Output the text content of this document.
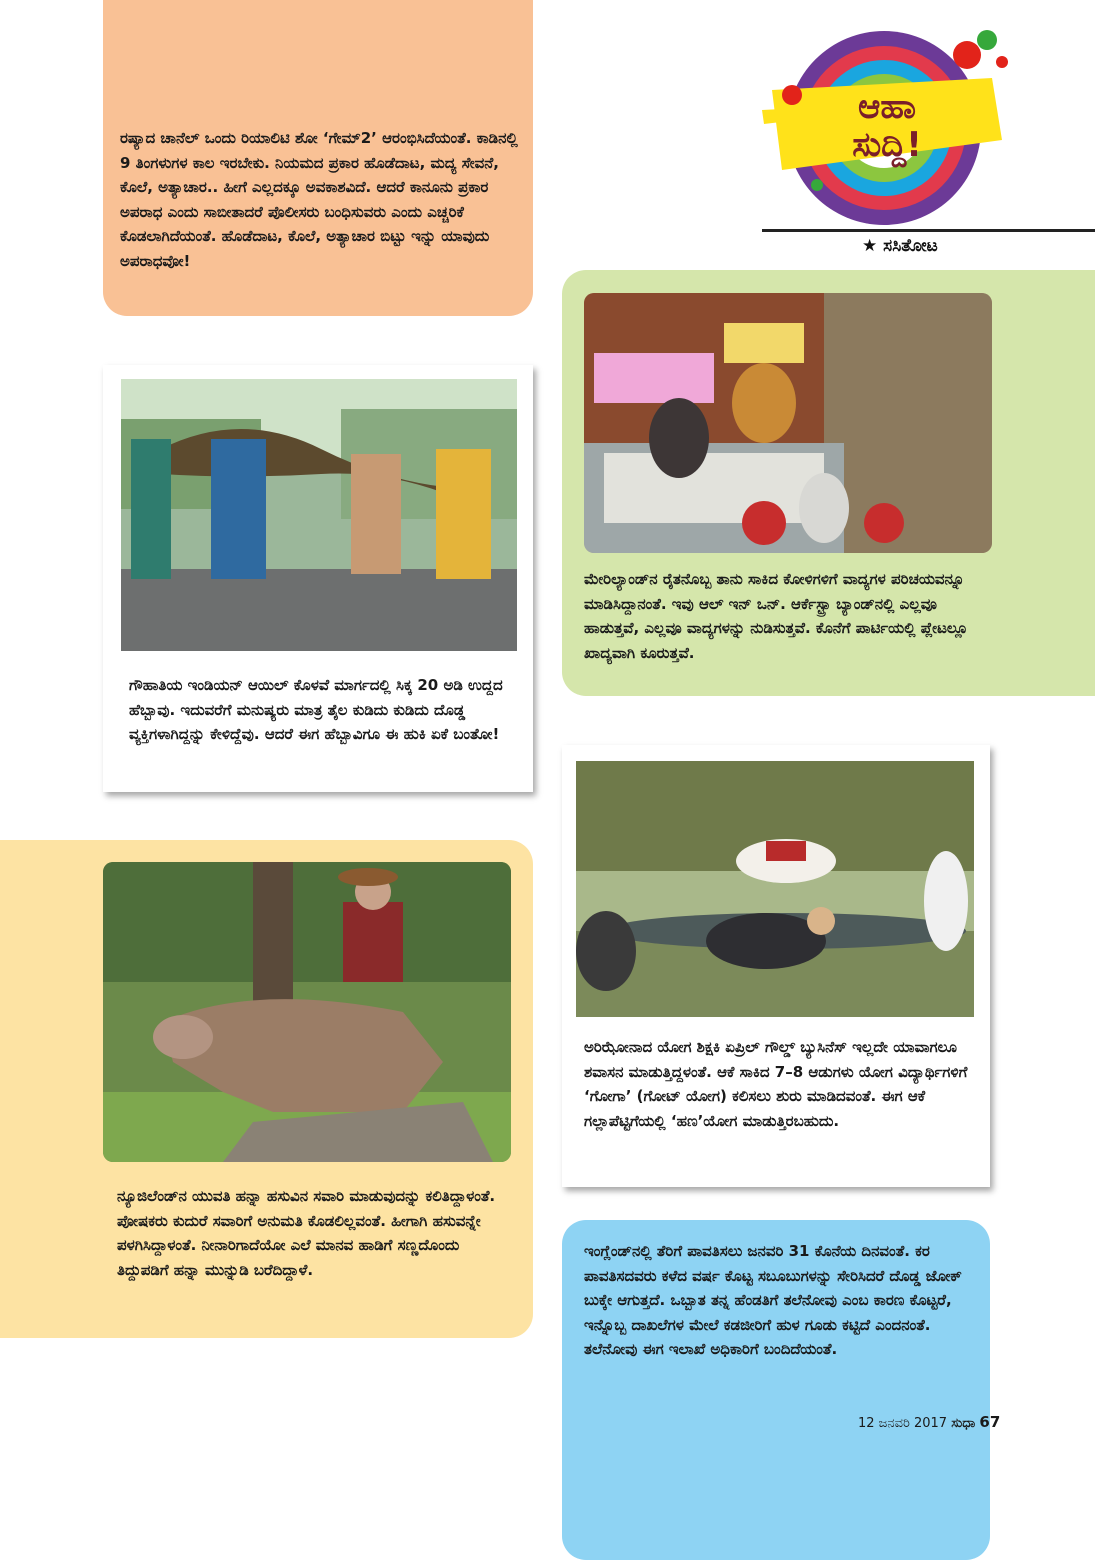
ಆಹಾ
ಸುದ್ದಿ!
★ ಸಸಿತೋಟ

ರಷ್ಯಾದ ಚಾನೆಲ್ ಒಂದು ರಿಯಾಲಿಟಿ ಶೋ ‘ಗೇಮ್2’ ಆರಂಭಿಸಿದೆಯಂತೆ. ಕಾಡಿನಲ್ಲಿ 9 ತಿಂಗಳುಗಳ ಕಾಲ ಇರಬೇಕು. ನಿಯಮದ ಪ್ರಕಾರ ಹೊಡೆದಾಟ, ಮದ್ಯ ಸೇವನೆ, ಕೊಲೆ, ಅತ್ಯಾಚಾರ.. ಹೀಗೆ ಎಲ್ಲದಕ್ಕೂ ಅವಕಾಶವಿದೆ. ಆದರೆ ಕಾನೂನು ಪ್ರಕಾರ ಅಪರಾಧ ಎಂದು ಸಾಬೀತಾದರೆ ಪೊಲೀಸರು ಬಂಧಿಸುವರು ಎಂದು ಎಚ್ಚರಿಕೆ ಕೊಡಲಾಗಿದೆಯಂತೆ. ಹೊಡೆದಾಟ, ಕೊಲೆ, ಅತ್ಯಾಚಾರ ಬಿಟ್ಟು ಇನ್ನು ಯಾವುದು ಅಪರಾಧವೋ!

ಗೌಹಾತಿಯ ಇಂಡಿಯನ್ ಆಯಿಲ್ ಕೊಳವೆ ಮಾರ್ಗದಲ್ಲಿ ಸಿಕ್ಕ 20 ಅಡಿ ಉದ್ದದ ಹೆಬ್ಬಾವು. ಇದುವರೆಗೆ ಮನುಷ್ಯರು ಮಾತ್ರ ತೈಲ ಕುಡಿದು ಕುಡಿದು ದೊಡ್ಡ ವ್ಯಕ್ತಿಗಳಾಗಿದ್ದನ್ನು ಕೇಳಿದ್ದೆವು. ಆದರೆ ಈಗ ಹೆಬ್ಬಾವಿಗೂ ಈ ಹುಕಿ ಏಕೆ ಬಂತೋ!

ಮೇರಿಲ್ಯಾಂಡ್‌ನ ರೈತನೊಬ್ಬ ತಾನು ಸಾಕಿದ ಕೋಳಿಗಳಿಗೆ ವಾದ್ಯಗಳ ಪರಿಚಯವನ್ನೂ ಮಾಡಿಸಿದ್ದಾನಂತೆ. ಇವು ಆಲ್ ಇನ್ ಒನ್. ಆರ್ಕೆಸ್ಟ್ರಾ ಬ್ಯಾಂಡ್‌ನಲ್ಲಿ ಎಲ್ಲವೂ ಹಾಡುತ್ತವೆ, ಎಲ್ಲವೂ ವಾದ್ಯಗಳನ್ನು ನುಡಿಸುತ್ತವೆ. ಕೊನೆಗೆ ಪಾರ್ಟಿಯಲ್ಲಿ ಪ್ಲೇಟಲ್ಲೂ ಖಾದ್ಯವಾಗಿ ಕೂರುತ್ತವೆ.

ಅರಿಝೋನಾದ ಯೋಗ ಶಿಕ್ಷಕಿ ಏಪ್ರಿಲ್ ಗೌಲ್ಡ್ ಬ್ಯುಸಿನೆಸ್ ಇಲ್ಲದೇ ಯಾವಾಗಲೂ ಶವಾಸನ ಮಾಡುತ್ತಿದ್ದಳಂತೆ. ಆಕೆ ಸಾಕಿದ 7–8 ಆಡುಗಳು ಯೋಗ ವಿದ್ಯಾರ್ಥಿಗಳಿಗೆ ‘ಗೋಗಾ’ (ಗೋಟ್ ಯೋಗ) ಕಲಿಸಲು ಶುರು ಮಾಡಿದವಂತೆ. ಈಗ ಆಕೆ ಗಲ್ಲಾಪೆಟ್ಟಿಗೆಯಲ್ಲಿ ‘ಹಣ’ಯೋಗ ಮಾಡುತ್ತಿರಬಹುದು.

ನ್ಯೂಜಿಲೆಂಡ್‌ನ ಯುವತಿ ಹನ್ನಾ ಹಸುವಿನ ಸವಾರಿ ಮಾಡುವುದನ್ನು ಕಲಿತಿದ್ದಾಳಂತೆ. ಪೋಷಕರು ಕುದುರೆ ಸವಾರಿಗೆ ಅನುಮತಿ ಕೊಡಲಿಲ್ಲವಂತೆ. ಹೀಗಾಗಿ ಹಸುವನ್ನೇ ಪಳಗಿಸಿದ್ದಾಳಂತೆ. ನೀನಾರಿಗಾದೆಯೋ ಎಲೆ ಮಾನವ ಹಾಡಿಗೆ ಸಣ್ಣದೊಂದು ತಿದ್ದುಪಡಿಗೆ ಹನ್ನಾ ಮುನ್ನುಡಿ ಬರೆದಿದ್ದಾಳೆ.

ಇಂಗ್ಲೆಂಡ್‌ನಲ್ಲಿ ತೆರಿಗೆ ಪಾವತಿಸಲು ಜನವರಿ 31 ಕೊನೆಯ ದಿನವಂತೆ. ಕರ ಪಾವತಿಸದವರು ಕಳೆದ ವರ್ಷ ಕೊಟ್ಟ ಸಬೂಬುಗಳನ್ನು ಸೇರಿಸಿದರೆ ದೊಡ್ಡ ಜೋಕ್ ಬುಕ್ಕೇ ಆಗುತ್ತದೆ. ಒಬ್ಬಾತ ತನ್ನ ಹೆಂಡತಿಗೆ ತಲೆನೋವು ಎಂಬ ಕಾರಣ ಕೊಟ್ಟರೆ, ಇನ್ನೊಬ್ಬ ದಾಖಲೆಗಳ ಮೇಲೆ ಕಡಜೀರಿಗೆ ಹುಳ ಗೂಡು ಕಟ್ಟಿದೆ ಎಂದನಂತೆ. ತಲೆನೋವು ಈಗ ಇಲಾಖೆ ಅಧಿಕಾರಿಗೆ ಬಂದಿದೆಯಂತೆ.

12 ಜನವರಿ 2017 ಸುಧಾ 67
